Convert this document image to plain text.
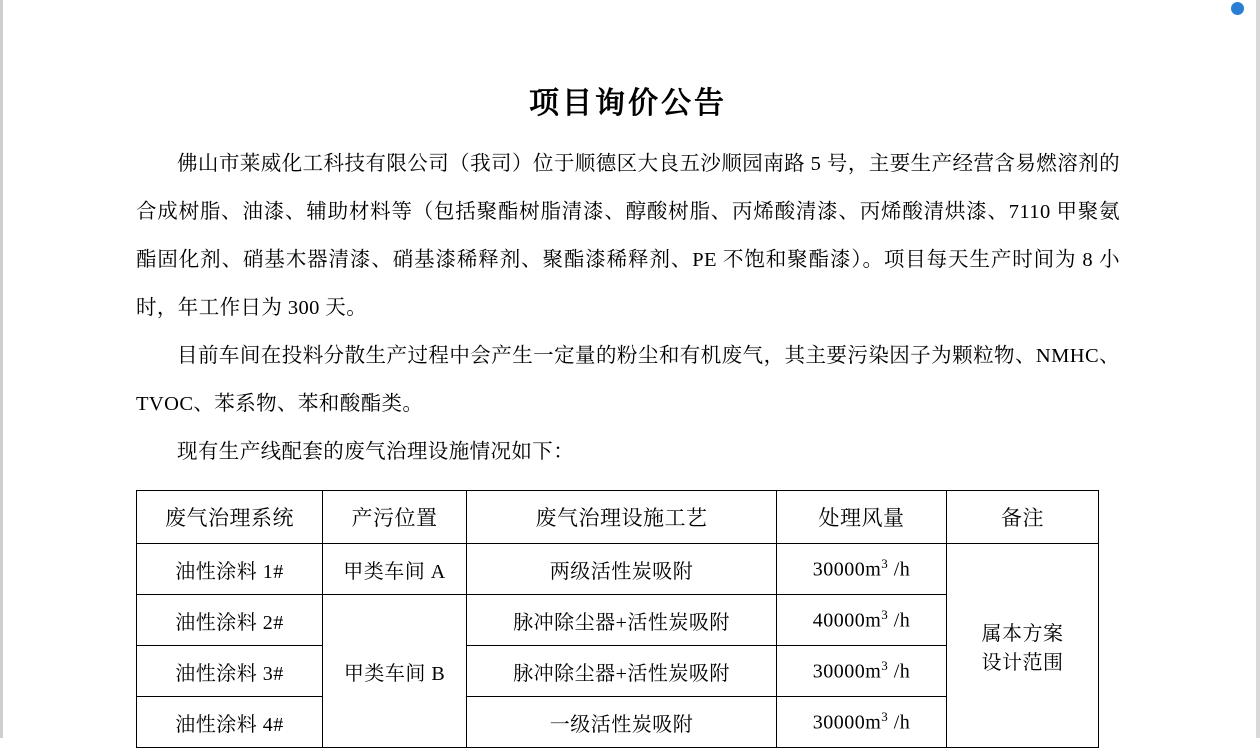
项目询价公告

佛山市莱威化工科技有限公司（我司）位于顺德区大良五沙顺园南路 5 号，主要生产经营含易燃溶剂的合成树脂、油漆、辅助材料等（包括聚酯树脂清漆、醇酸树脂、丙烯酸清漆、丙烯酸清烘漆、7110 甲聚氨酯固化剂、硝基木器清漆、硝基漆稀释剂、聚酯漆稀释剂、PE 不饱和聚酯漆）。项目每天生产时间为 8 小时，年工作日为 300 天。

目前车间在投料分散生产过程中会产生一定量的粉尘和有机废气，其主要污染因子为颗粒物、NMHC、TVOC、苯系物、苯和酸酯类。

现有生产线配套的废气治理设施情况如下：

废气治理系统	产污位置	废气治理设施工艺	处理风量	备注
油性涂料 1#	甲类车间 A	两级活性炭吸附	$30000m^3$ /h	属本方案
设计范围

油性涂料 2#	甲类车间 B	脉冲除尘器+活性炭吸附	$40000m^3$ /h	
油性涂料 3#		脉冲除尘器+活性炭吸附	$30000m^3$ /h	
油性涂料 4#		一级活性炭吸附	$30000m^3$ /h	
